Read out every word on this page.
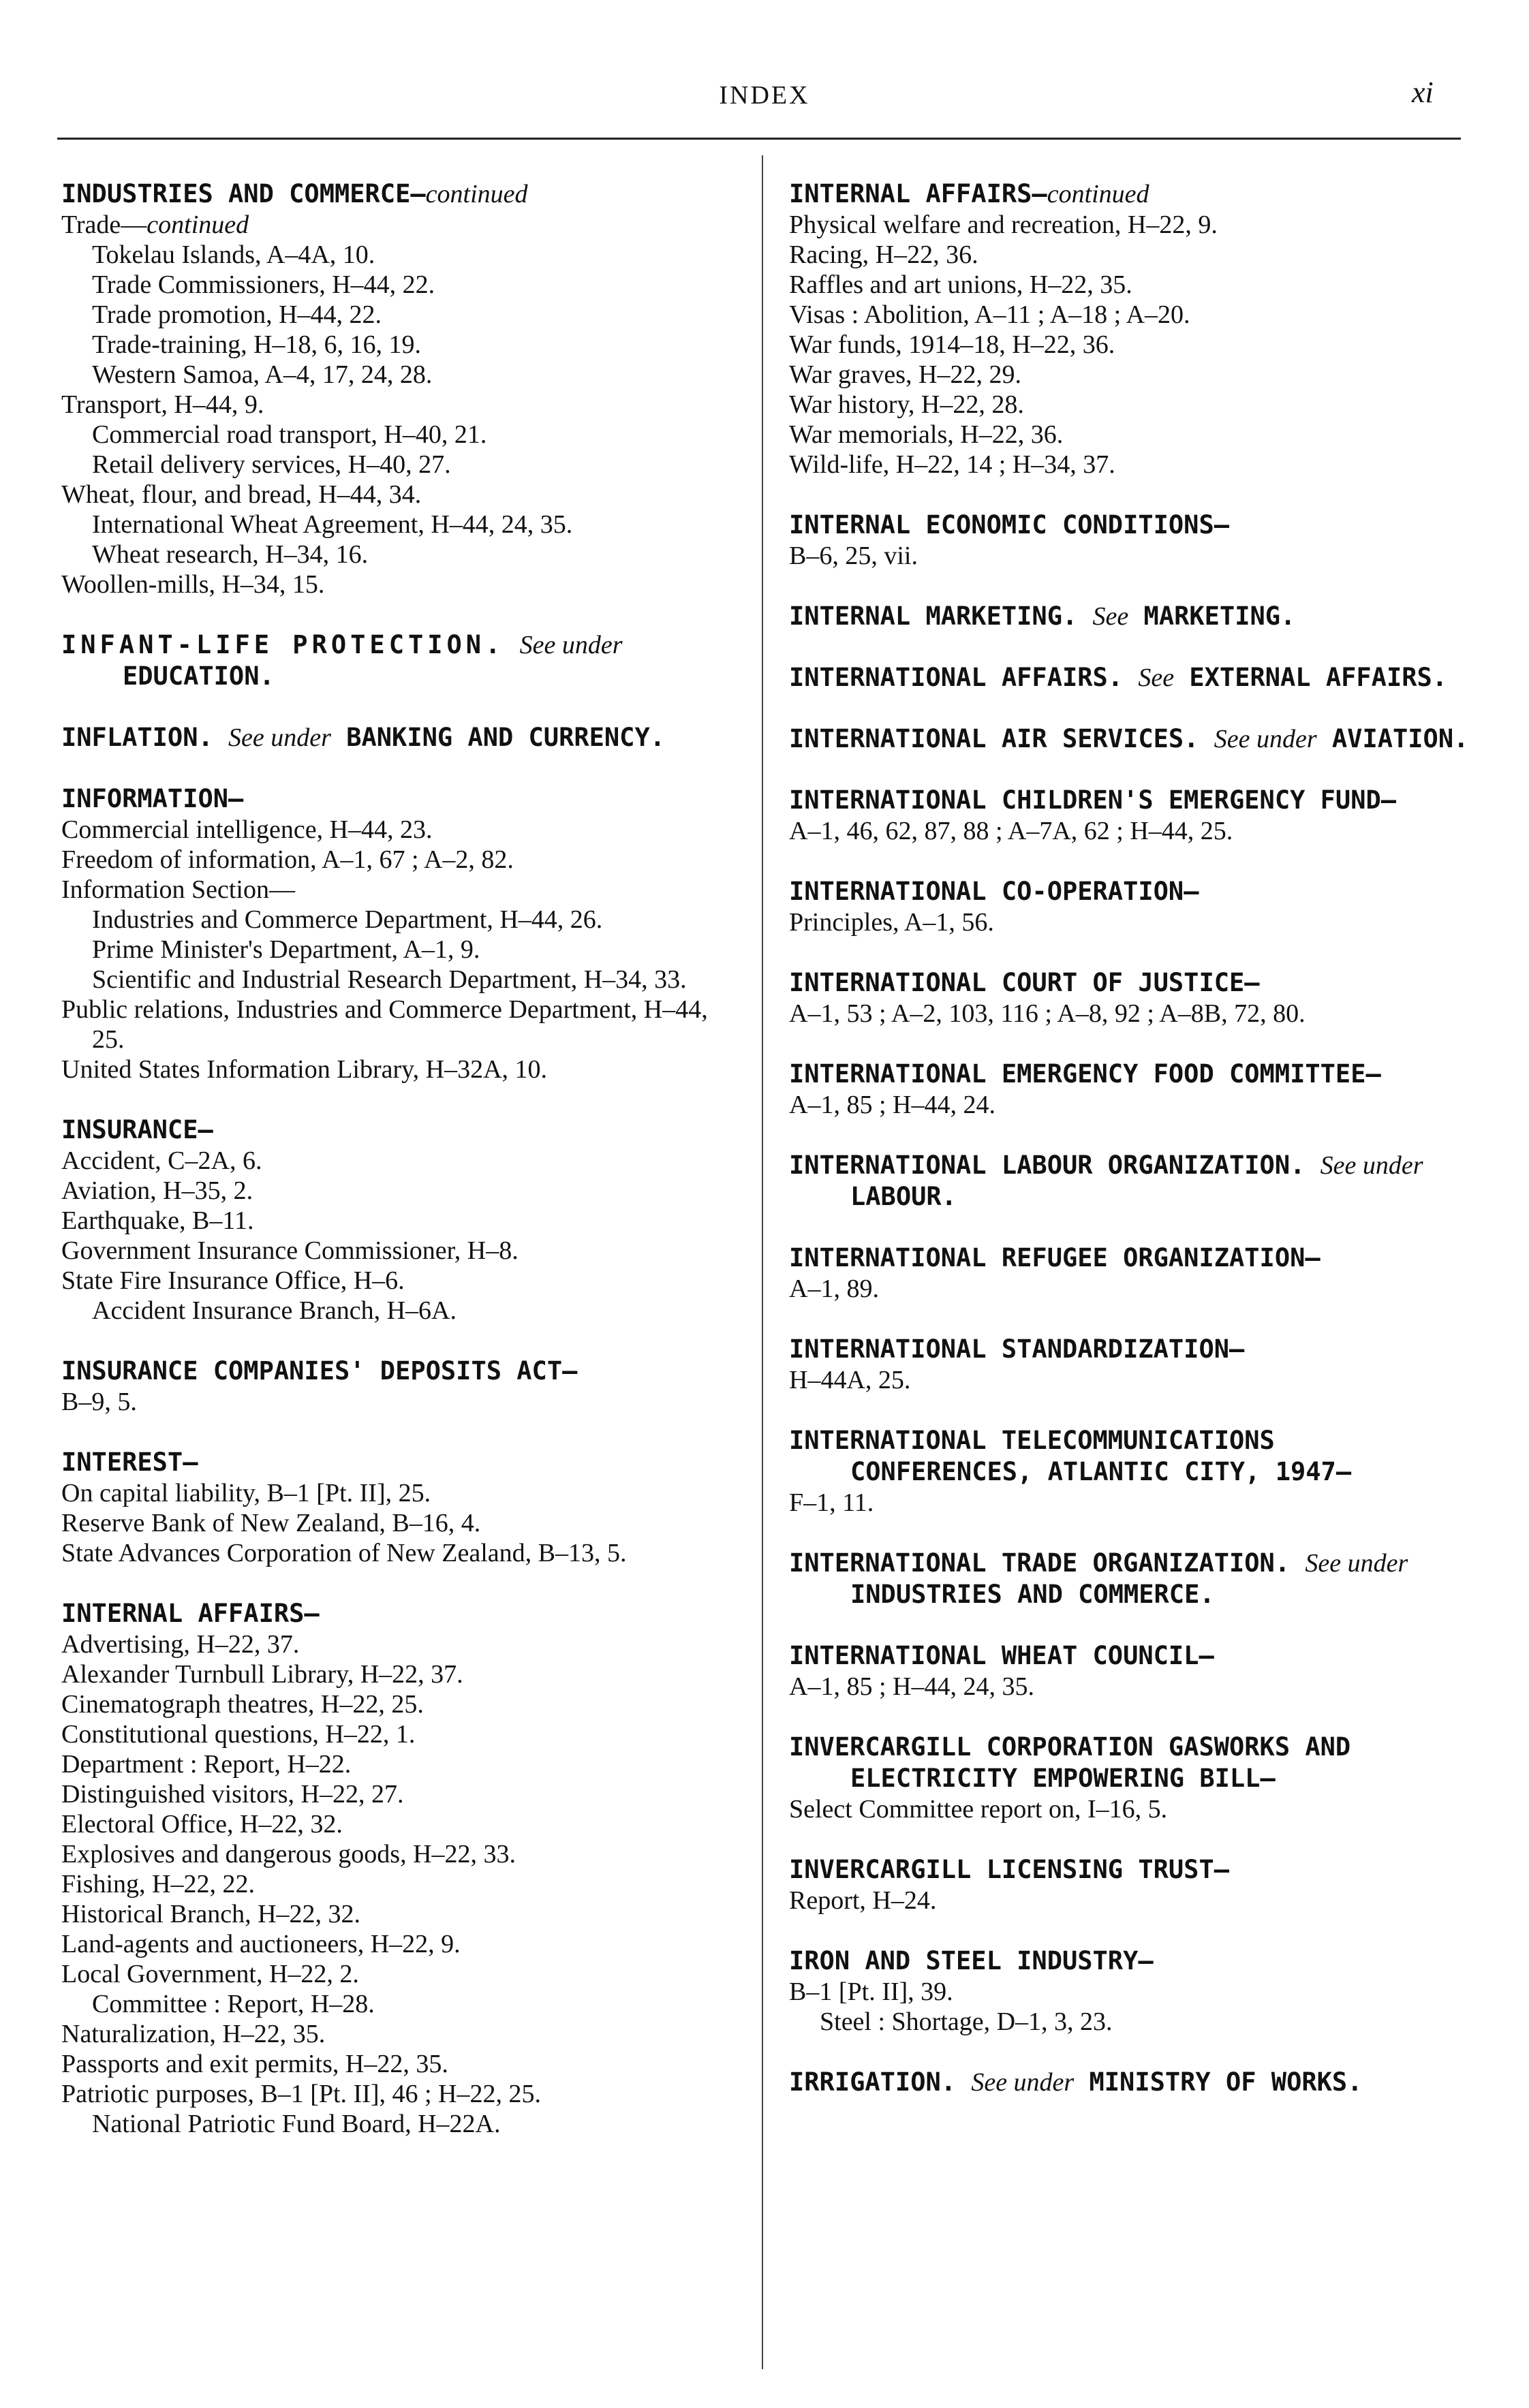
INDEX	xi
INDUSTRIES AND COMMERCE—continued
Trade—continued
Tokelau Islands, A–4A, 10.
Trade Commissioners, H–44, 22.
Trade promotion, H–44, 22.
Trade-training, H–18, 6, 16, 19.
Western Samoa, A–4, 17, 24, 28.
Transport, H–44, 9.
Commercial road transport, H–40, 21.
Retail delivery services, H–40, 27.
Wheat, flour, and bread, H–44, 34.
International Wheat Agreement, H–44, 24, 35.
Wheat research, H–34, 16.
Woollen-mills, H–34, 15.
INFANT-LIFE PROTECTION. See under EDUCATION.
INFLATION. See under BANKING AND CURRENCY.
INFORMATION—
Commercial intelligence, H–44, 23.
Freedom of information, A–1, 67 ; A–2, 82.
Information Section—
Industries and Commerce Department, H–44, 26.
Prime Minister's Department, A–1, 9.
Scientific and Industrial Research Department, H–34, 33.
Public relations, Industries and Commerce Department, H–44, 25.
United States Information Library, H–32A, 10.
INSURANCE—
Accident, C–2A, 6.
Aviation, H–35, 2.
Earthquake, B–11.
Government Insurance Commissioner, H–8.
State Fire Insurance Office, H–6.
Accident Insurance Branch, H–6A.
INSURANCE COMPANIES' DEPOSITS ACT—
B–9, 5.
INTEREST—
On capital liability, B–1 [Pt. II], 25.
Reserve Bank of New Zealand, B–16, 4.
State Advances Corporation of New Zealand, B–13, 5.
INTERNAL AFFAIRS—
Advertising, H–22, 37.
Alexander Turnbull Library, H–22, 37.
Cinematograph theatres, H–22, 25.
Constitutional questions, H–22, 1.
Department : Report, H–22.
Distinguished visitors, H–22, 27.
Electoral Office, H–22, 32.
Explosives and dangerous goods, H–22, 33.
Fishing, H–22, 22.
Historical Branch, H–22, 32.
Land-agents and auctioneers, H–22, 9.
Local Government, H–22, 2.
Committee : Report, H–28.
Naturalization, H–22, 35.
Passports and exit permits, H–22, 35.
Patriotic purposes, B–1 [Pt. II], 46 ; H–22, 25.
National Patriotic Fund Board, H–22A.
INTERNAL AFFAIRS—continued
Physical welfare and recreation, H–22, 9.
Racing, H–22, 36.
Raffles and art unions, H–22, 35.
Visas : Abolition, A–11 ; A–18 ; A–20.
War funds, 1914–18, H–22, 36.
War graves, H–22, 29.
War history, H–22, 28.
War memorials, H–22, 36.
Wild-life, H–22, 14 ; H–34, 37.
INTERNAL ECONOMIC CONDITIONS—
B–6, 25, vii.
INTERNAL MARKETING. See MARKETING.
INTERNATIONAL AFFAIRS. See EXTERNAL AFFAIRS.
INTERNATIONAL AIR SERVICES. See under AVIATION.
INTERNATIONAL CHILDREN'S EMERGENCY FUND—
A–1, 46, 62, 87, 88 ; A–7A, 62 ; H–44, 25.
INTERNATIONAL CO-OPERATION—
Principles, A–1, 56.
INTERNATIONAL COURT OF JUSTICE—
A–1, 53 ; A–2, 103, 116 ; A–8, 92 ; A–8B, 72, 80.
INTERNATIONAL EMERGENCY FOOD COMMITTEE—
A–1, 85 ; H–44, 24.
INTERNATIONAL LABOUR ORGANIZATION. See under LABOUR.
INTERNATIONAL REFUGEE ORGANIZATION—
A–1, 89.
INTERNATIONAL STANDARDIZATION—
H–44A, 25.
INTERNATIONAL TELECOMMUNICATIONS CONFERENCES, ATLANTIC CITY, 1947—
F–1, 11.
INTERNATIONAL TRADE ORGANIZATION. See under INDUSTRIES AND COMMERCE.
INTERNATIONAL WHEAT COUNCIL—
A–1, 85 ; H–44, 24, 35.
INVERCARGILL CORPORATION GASWORKS AND ELECTRICITY EMPOWERING BILL—
Select Committee report on, I–16, 5.
INVERCARGILL LICENSING TRUST—
Report, H–24.
IRON AND STEEL INDUSTRY—
B–1 [Pt. II], 39.
Steel : Shortage, D–1, 3, 23.
IRRIGATION. See under MINISTRY OF WORKS.
